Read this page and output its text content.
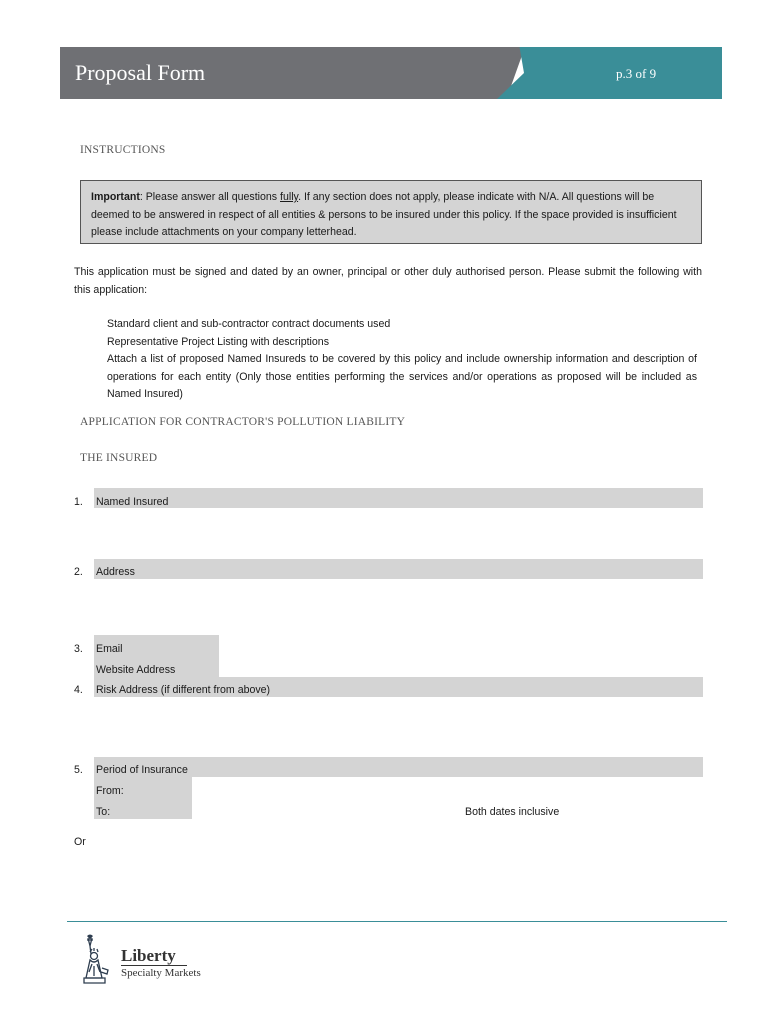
Proposal Form	p.3 of 9
INSTRUCTIONS
Important: Please answer all questions fully. If any section does not apply, please indicate with N/A. All questions will be deemed to be answered in respect of all entities & persons to be insured under this policy. If the space provided is insufficient please include attachments on your company letterhead.
This application must be signed and dated by an owner, principal or other duly authorised person. Please submit the following with this application:
Standard client and sub-contractor contract documents used
Representative Project Listing with descriptions
Attach a list of proposed Named Insureds to be covered by this policy and include ownership information and description of operations for each entity (Only those entities performing the services and/or operations as proposed will be included as Named Insured)
APPLICATION FOR CONTRACTOR'S POLLUTION LIABILITY
THE INSURED
1. Named Insured
2. Address
3. Email
Website Address
4. Risk Address (if different from above)
5. Period of Insurance
From:
To:	Both dates inclusive
Or
Liberty
Specialty Markets
